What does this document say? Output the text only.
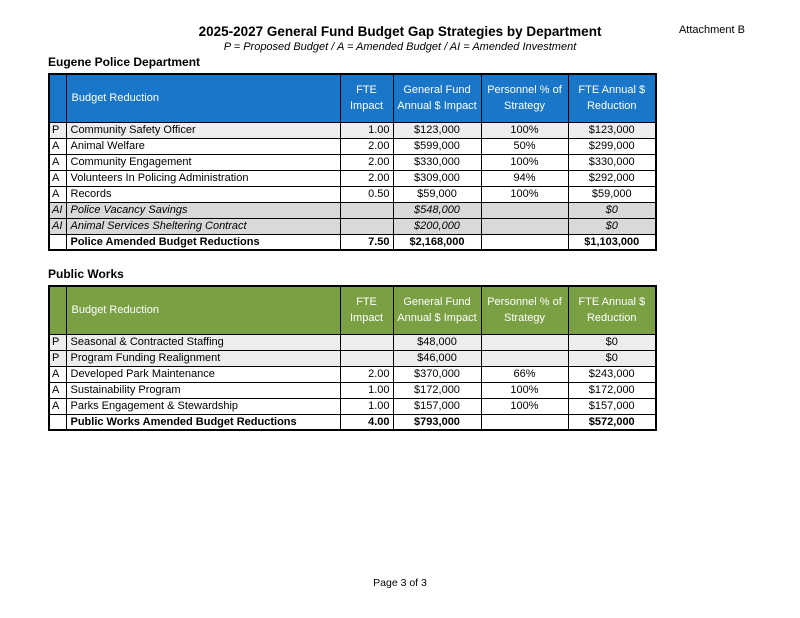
2025-2027 General Fund Budget Gap Strategies by Department	Attachment B
P = Proposed Budget / A = Amended Budget / AI = Amended Investment
Eugene Police Department
	Budget Reduction	FTE Impact	General Fund Annual $ Impact	Personnel % of Strategy	FTE Annual $ Reduction
P	Community Safety Officer	1.00	$123,000	100%	$123,000
A	Animal Welfare	2.00	$599,000	50%	$299,000
A	Community Engagement	2.00	$330,000	100%	$330,000
A	Volunteers In Policing Administration	2.00	$309,000	94%	$292,000
A	Records	0.50	$59,000	100%	$59,000
AI	Police Vacancy Savings		$548,000		$0
AI	Animal Services Sheltering Contract		$200,000		$0
	Police Amended Budget Reductions	7.50	$2,168,000		$1,103,000
Public Works
	Budget Reduction	FTE Impact	General Fund Annual $ Impact	Personnel % of Strategy	FTE Annual $ Reduction
P	Seasonal & Contracted Staffing		$48,000		$0
P	Program Funding Realignment		$46,000		$0
A	Developed Park Maintenance	2.00	$370,000	66%	$243,000
A	Sustainability Program	1.00	$172,000	100%	$172,000
A	Parks Engagement & Stewardship	1.00	$157,000	100%	$157,000
	Public Works Amended Budget Reductions	4.00	$793,000		$572,000
Page 3 of 3
